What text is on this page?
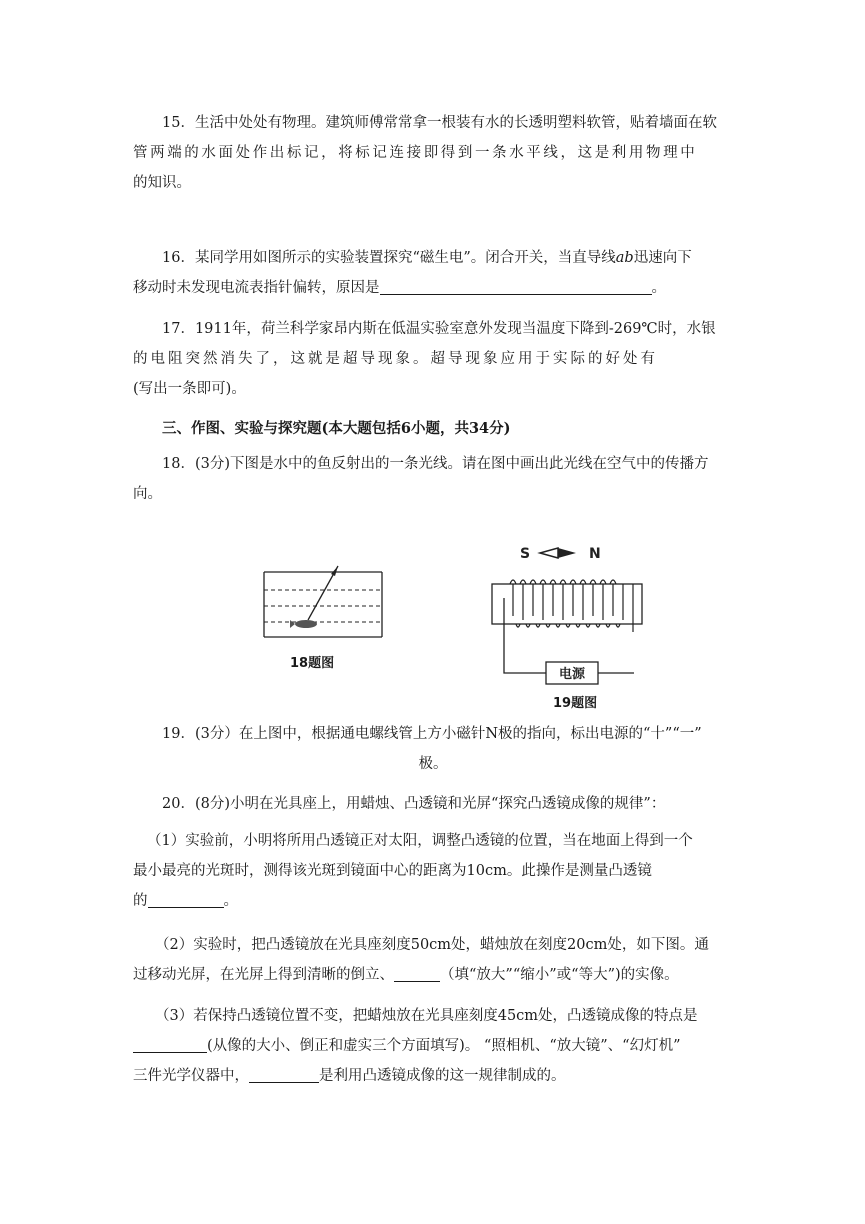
15．生活中处处有物理。建筑师傅常常拿一根装有水的长透明塑料软管，贴着墙面在软
管两端的水面处作出标记，将标记连接即得到一条水平线，这是利用物理中
的知识。
16．某同学用如图所示的实验装置探究“磁生电”。闭合开关，当直导线ab迅速向下
移动时未发现电流表指针偏转，原因是	。
17．1911年，荷兰科学家昂内斯在低温实验室意外发现当温度下降到-269℃时，水银
的电阻突然消失了，这就是超导现象。超导现象应用于实际的好处有
(写出一条即可)。
三、作图、实验与探究题(本大题包括6小题，共34分)
18．(3分)下图是水中的鱼反射出的一条光线。请在图中画出此光线在空气中的传播方
向。
18题图
S	N
电源
19题图
19．(3分）在上图中，根据通电螺线管上方小磁针N极的指向，标出电源的“十”“一”

极。
20．(8分)小明在光具座上，用蜡烛、凸透镜和光屏“探究凸透镜成像的规律”：
（1）实验前，小明将所用凸透镜正对太阳，调整凸透镜的位置，当在地面上得到一个
最小最亮的光斑时，测得该光斑到镜面中心的距离为10cm。此操作是测量凸透镜
的	。
（2）实验时，把凸透镜放在光具座刻度50cm处，蜡烛放在刻度20cm处，如下图。通
过移动光屏，在光屏上得到清晰的倒立、	（填“放大”“缩小”或“等大”)的实像。
（3）若保持凸透镜位置不变，把蜡烛放在光具座刻度45cm处，凸透镜成像的特点是
(从像的大小、倒正和虚实三个方面填写)。 “照相机、“放大镜”、“幻灯机”
三件光学仪器中，	是利用凸透镜成像的这一规律制成的。
